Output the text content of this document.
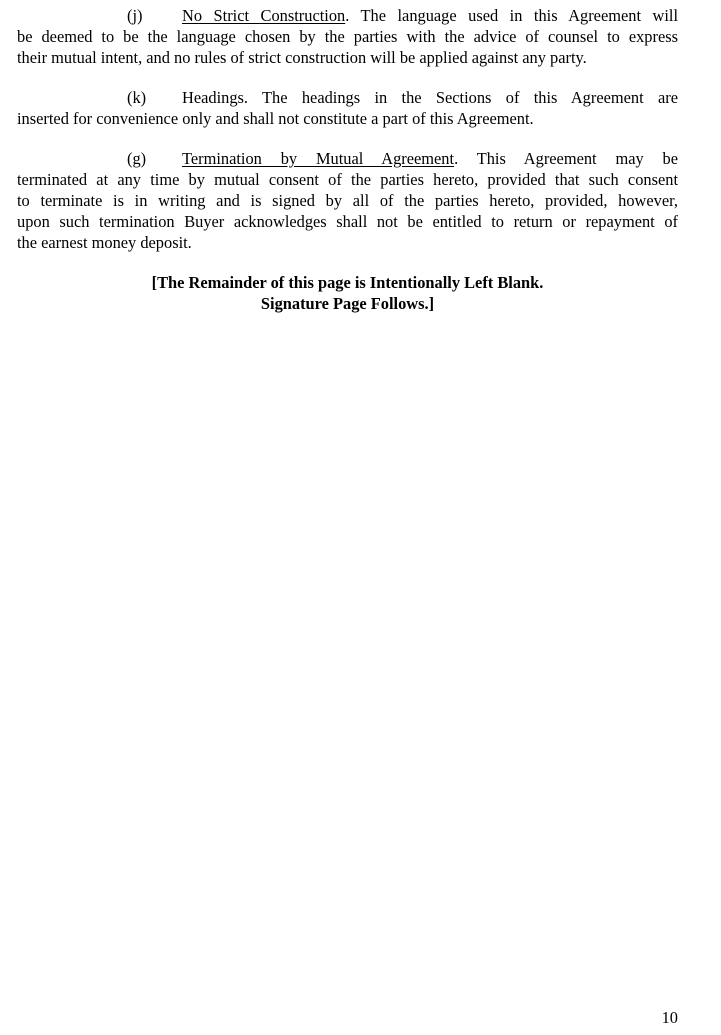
(j) No Strict Construction. The language used in this Agreement will
be deemed to be the language chosen by the parties with the advice of counsel to express
their mutual intent, and no rules of strict construction will be applied against any party.
(k) Headings. The headings in the Sections of this Agreement are
inserted for convenience only and shall not constitute a part of this Agreement.
(g) Termination by Mutual Agreement. This Agreement may be
terminated at any time by mutual consent of the parties hereto, provided that such consent
to terminate is in writing and is signed by all of the parties hereto, provided, however,
upon such termination Buyer acknowledges shall not be entitled to return or repayment of
the earnest money deposit.
[The Remainder of this page is Intentionally Left Blank.
Signature Page Follows.]
10
